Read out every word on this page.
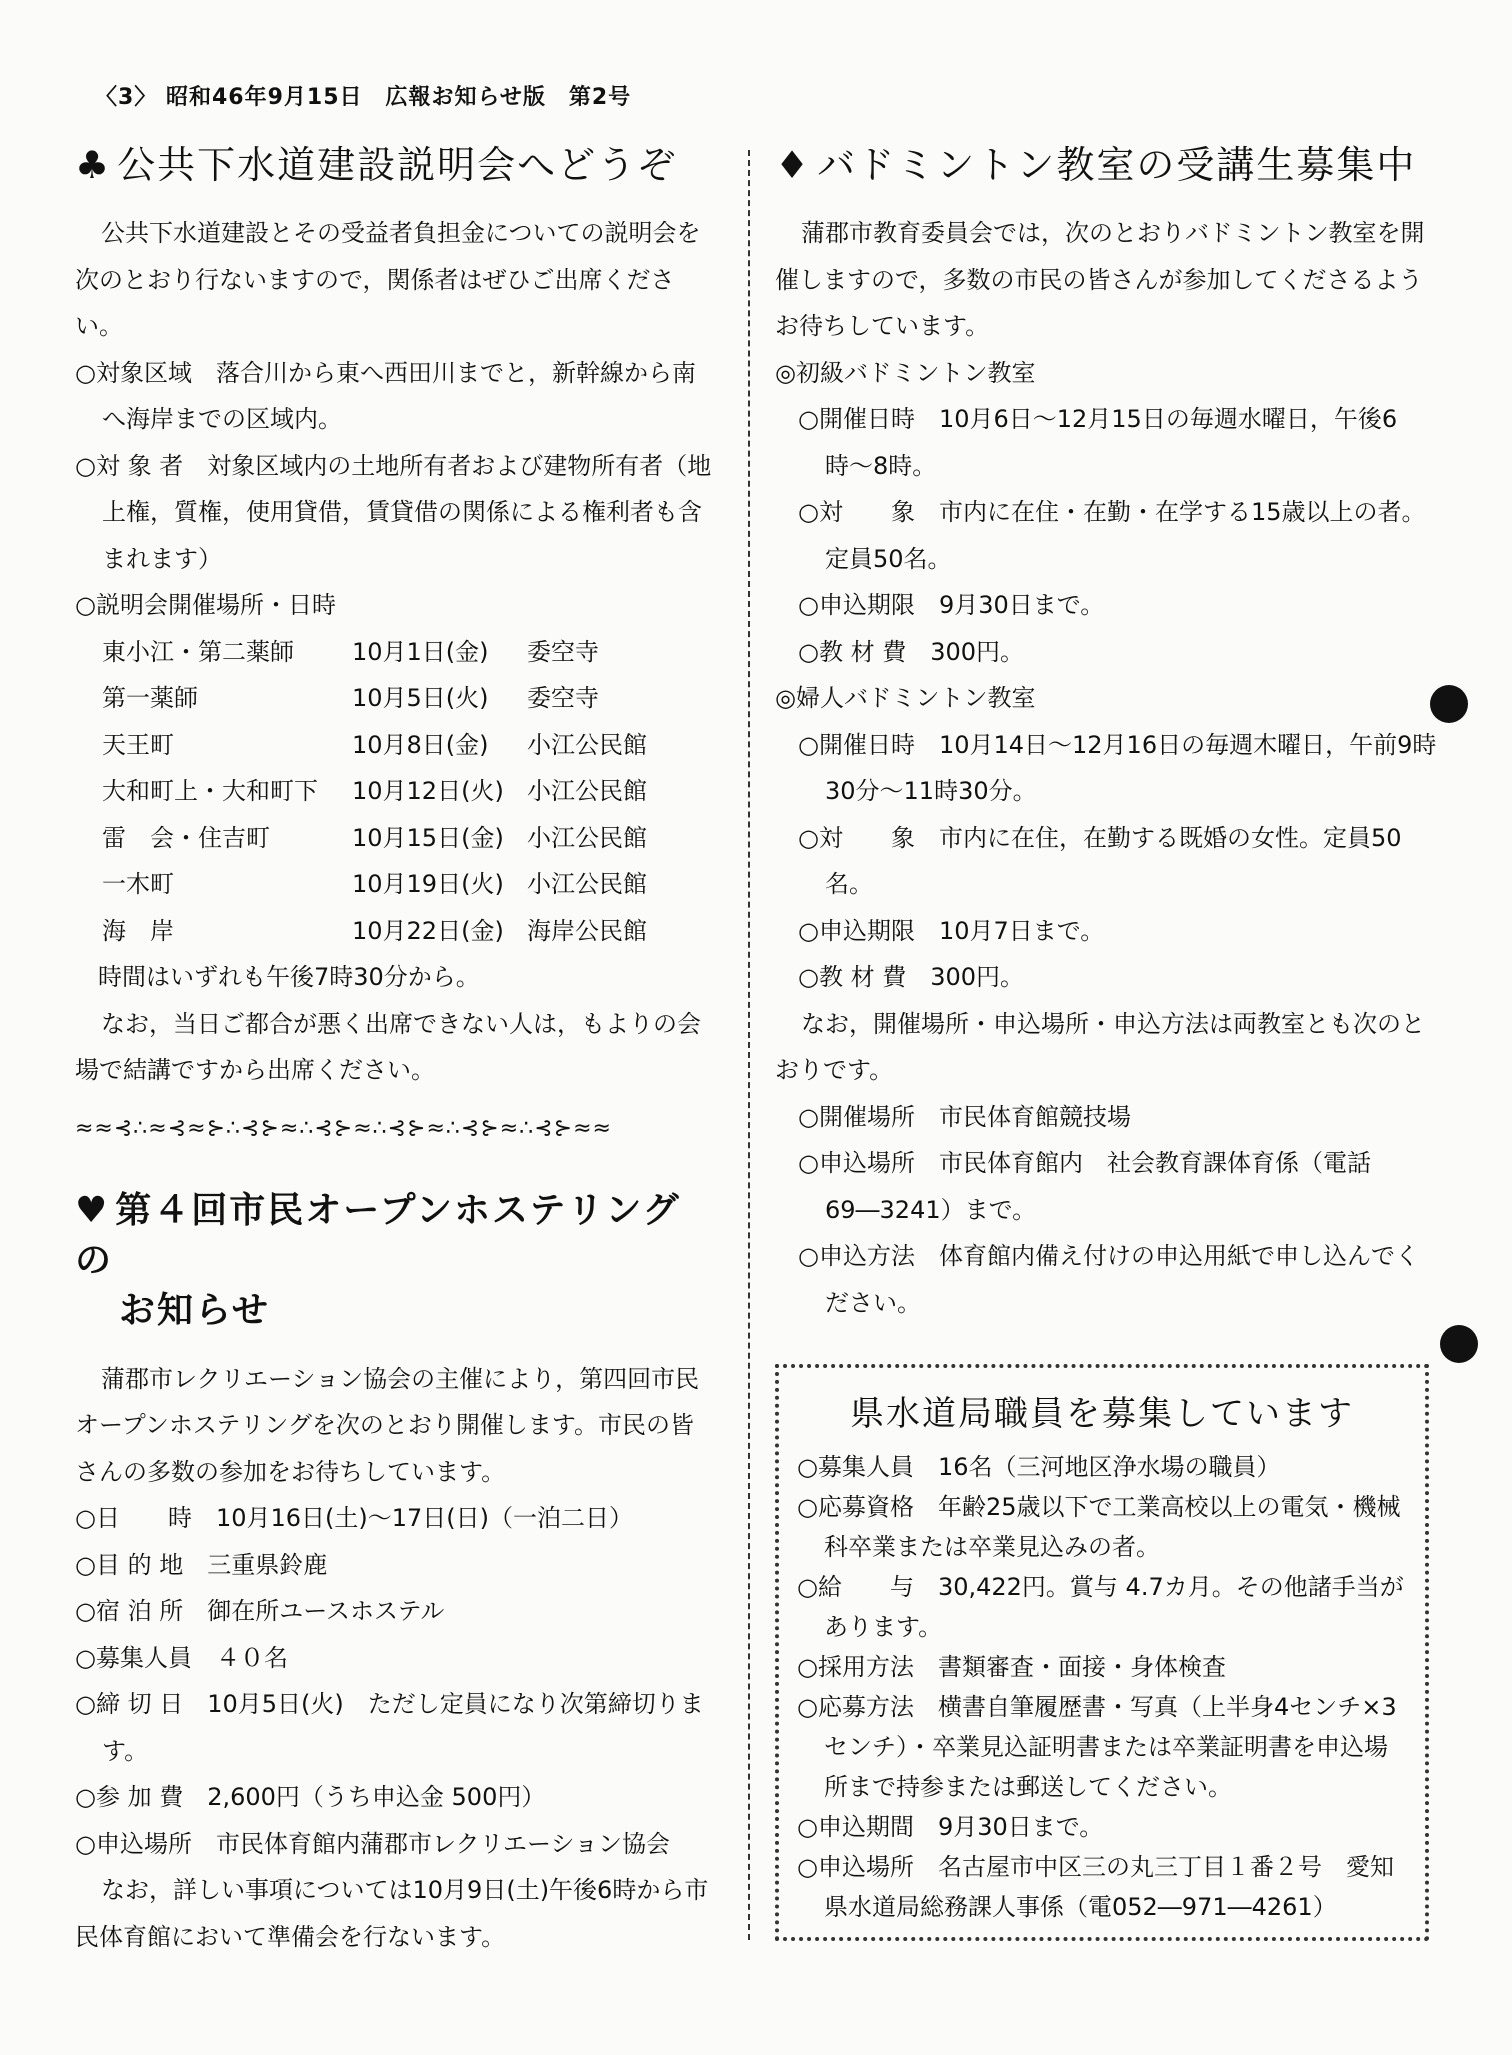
〈3〉 昭和46年9月15日　広報お知らせ版　第2号
♣ 公共下水道建設説明会へどうぞ

公共下水道建設とその受益者負担金についての説明会を次のとおり行ないますので，関係者はぜひご出席ください。

○対象区域　落合川から東へ西田川までと，新幹線から南へ海岸までの区域内。
○対 象 者　対象区域内の土地所有者および建物所有者（地上権，質権，使用貸借，賃貸借の関係による権利者も含まれます）
○説明会開催場所・日時
東小江・第二薬師	10月1日(金)	委空寺
第一薬師	10月5日(火)	委空寺
天王町	10月8日(金)	小江公民館
大和町上・大和町下	10月12日(火) 小江公民館
雷　会・住吉町	10月15日(金) 小江公民館
一木町	10月19日(火) 小江公民館
海　岸	10月22日(金) 海岸公民館

時間はいずれも午後7時30分から。

なお，当日ご都合が悪く出席できない人は，もよりの会場で結講ですから出席ください。

≈≈⊰∴≈⊰≈⊱∴⊰⊱≈∴⊰⊱≈∴⊰⊱≈∴⊰⊱≈∴⊰⊱≈≈
♥ 第４回市民オープンホステリングの
お知らせ

蒲郡市レクリエーション協会の主催により，第四回市民オープンホステリングを次のとおり開催します。市民の皆さんの多数の参加をお待ちしています。

○日　　時　10月16日(土)〜17日(日)（一泊二日）
○目 的 地　三重県鈴鹿
○宿 泊 所　御在所ユースホステル
○募集人員　４０名
○締 切 日　10月5日(火)　ただし定員になり次第締切ります。
○参 加 費　2,600円（うち申込金 500円）
○申込場所　市民体育館内蒲郡市レクリエーション協会

なお，詳しい事項については10月9日(土)午後6時から市民体育館において準備会を行ないます。

♦ バドミントン教室の受講生募集中

蒲郡市教育委員会では，次のとおりバドミントン教室を開催しますので，多数の市民の皆さんが参加してくださるようお待ちしています。

◎初級バドミントン教室

○開催日時　10月6日〜12月15日の毎週水曜日，午後6時〜8時。
○対　　象　市内に在住・在勤・在学する15歳以上の者。定員50名。
○申込期限　9月30日まで。
○教 材 費　300円。

◎婦人バドミントン教室

○開催日時　10月14日〜12月16日の毎週木曜日，午前9時30分〜11時30分。
○対　　象　市内に在住，在勤する既婚の女性。定員50名。
○申込期限　10月7日まで。
○教 材 費　300円。

なお，開催場所・申込場所・申込方法は両教室とも次のとおりです。

○開催場所　市民体育館競技場
○申込場所　市民体育館内　社会教育課体育係（電話69―3241）まで。
○申込方法　体育館内備え付けの申込用紙で申し込んでください。
県水道局職員を募集しています
○募集人員　16名（三河地区浄水場の職員）
○応募資格　年齢25歳以下で工業高校以上の電気・機械科卒業または卒業見込みの者。
○給　　与　30,422円。賞与 4.7カ月。その他諸手当があります。
○採用方法　書類審査・面接・身体検査
○応募方法　横書自筆履歴書・写真（上半身4センチ×3センチ）・卒業見込証明書または卒業証明書を申込場所まで持参または郵送してください。
○申込期間　9月30日まで。
○申込場所　名古屋市中区三の丸三丁目１番２号　愛知県水道局総務課人事係（電052―971―4261）
